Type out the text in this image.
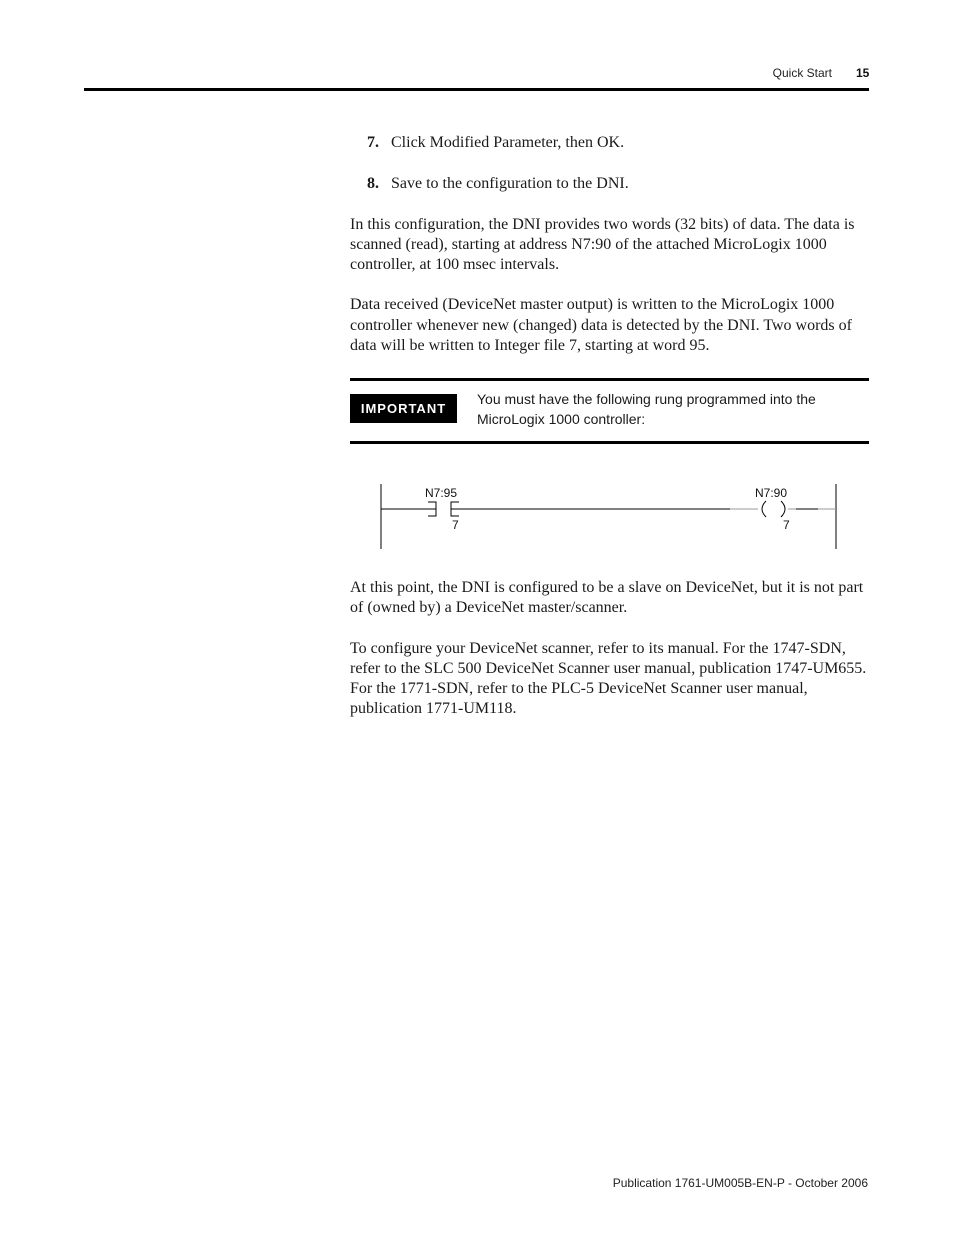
Quick Start 15

7. Click Modified Parameter, then OK.

8. Save to the configuration to the DNI.

In this configuration, the DNI provides two words (32 bits) of data. The data is scanned (read), starting at address N7:90 of the attached MicroLogix 1000 controller, at 100 msec intervals.

Data received (DeviceNet master output) is written to the MicroLogix 1000 controller whenever new (changed) data is detected by the DNI. Two words of data will be written to Integer file 7, starting at word 95.

IMPORTANT
You must have the following rung programmed into the MicroLogix 1000 controller:
N7:95
7
N7:90
7

At this point, the DNI is configured to be a slave on DeviceNet, but it is not part of (owned by) a DeviceNet master/scanner.

To configure your DeviceNet scanner, refer to its manual. For the 1747-SDN, refer to the SLC 500 DeviceNet Scanner user manual, publication 1747-UM655. For the 1771-SDN, refer to the PLC-5 DeviceNet Scanner user manual, publication 1771-UM118.

Publication 1761-UM005B-EN-P - October 2006
